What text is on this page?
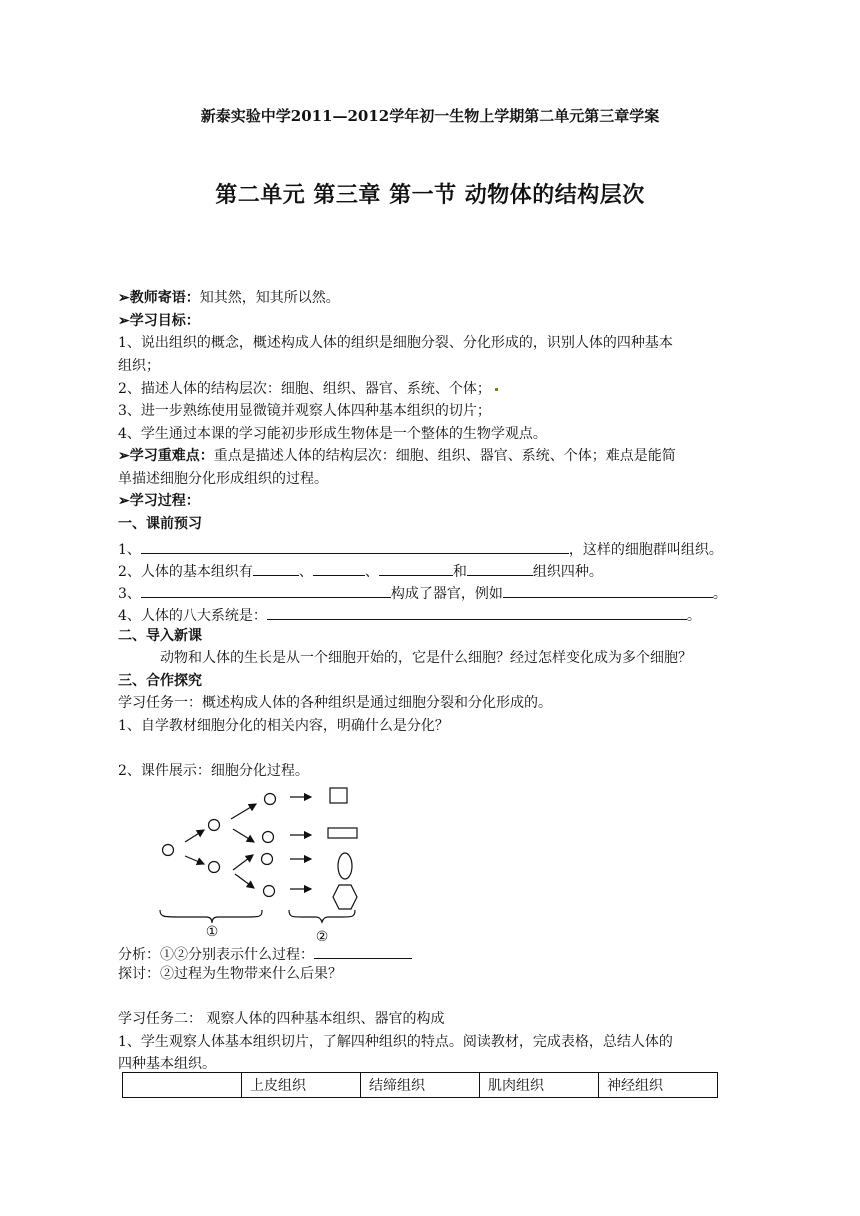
新泰实验中学2011—2012学年初一生物上学期第二单元第三章学案
第二单元 第三章 第一节 动物体的结构层次
➢教师寄语：知其然，知其所以然。
➢学习目标：
1、说出组织的概念，概述构成人体的组织是细胞分裂、分化形成的，识别人体的四种基本
组织；
2、描述人体的结构层次：细胞、组织、器官、系统、个体；
3、进一步熟练使用显微镜并观察人体四种基本组织的切片；
4、学生通过本课的学习能初步形成生物体是一个整体的生物学观点。
➢学习重难点：重点是描述人体的结构层次：细胞、组织、器官、系统、个体；难点是能简
单描述细胞分化形成组织的过程。
➢学习过程：
一、课前预习
1、	，这样的细胞群叫组织。
2、人体的基本组织有	、	、	和	组织四种。
3、	构成了器官，例如	。
4、人体的八大系统是：	。
二、导入新课
动物和人体的生长是从一个细胞开始的，它是什么细胞？经过怎样变化成为多个细胞？
三、合作探究
学习任务一：概述构成人体的各种组织是通过细胞分裂和分化形成的。
1、自学教材细胞分化的相关内容，明确什么是分化？
2、课件展示：细胞分化过程。
①	②
分析：①②分别表示什么过程：
探讨：②过程为生物带来什么后果？
学习任务二： 观察人体的四种基本组织、器官的构成
1、学生观察人体基本组织切片，了解四种组织的特点。阅读教材，完成表格，总结人体的
四种基本组织。
	上皮组织	结缔组织	肌肉组织	神经组织
